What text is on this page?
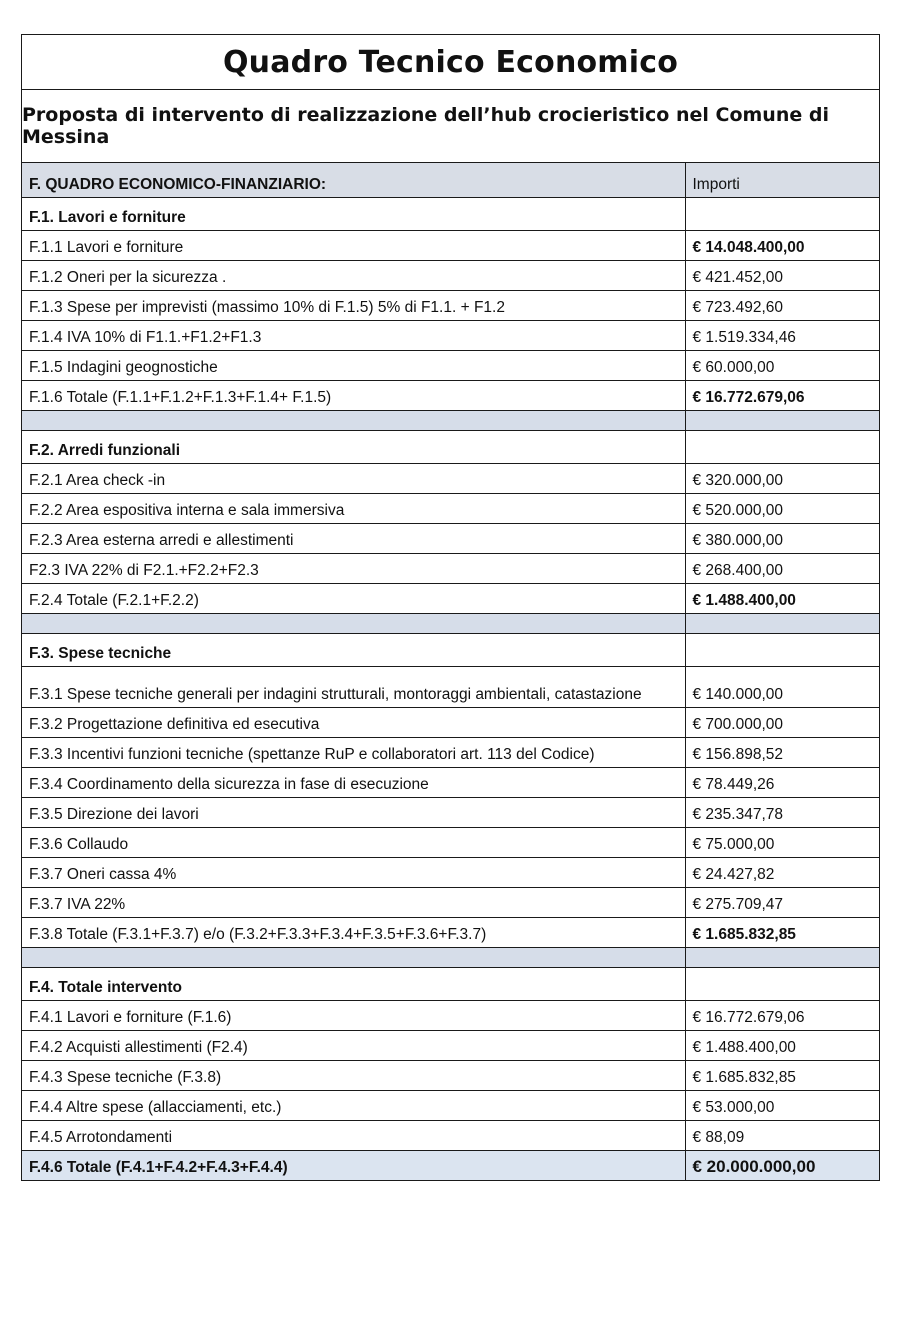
Quadro Tecnico Economico
Proposta di intervento di realizzazione dell’hub crocieristico nel Comune di Messina
F. QUADRO ECONOMICO-FINANZIARIO:	Importi
F.1. Lavori e forniture	
F.1.1 Lavori e forniture	€ 14.048.400,00
F.1.2 Oneri per la sicurezza .	€ 421.452,00
F.1.3 Spese per imprevisti (massimo 10% di F.1.5) 5% di F1.1. + F1.2	€ 723.492,60
F.1.4 IVA 10% di F1.1.+F1.2+F1.3	€ 1.519.334,46
F.1.5 Indagini geognostiche	€ 60.000,00
F.1.6 Totale (F.1.1+F.1.2+F.1.3+F.1.4+ F.1.5)	€ 16.772.679,06

F.2. Arredi funzionali	
F.2.1 Area check -in	€ 320.000,00
F.2.2 Area espositiva interna e sala immersiva	€ 520.000,00
F.2.3 Area esterna arredi e allestimenti	€ 380.000,00
F2.3 IVA 22% di F2.1.+F2.2+F2.3	€ 268.400,00
F.2.4 Totale (F.2.1+F.2.2)	€ 1.488.400,00

F.3. Spese tecniche	
F.3.1 Spese tecniche generali per indagini strutturali, montoraggi ambientali, catastazione	€ 140.000,00
F.3.2 Progettazione definitiva ed esecutiva	€ 700.000,00
F.3.3 Incentivi funzioni tecniche (spettanze RuP e collaboratori art. 113 del Codice)	€ 156.898,52
F.3.4 Coordinamento della sicurezza in fase di esecuzione	€ 78.449,26
F.3.5 Direzione dei lavori	€ 235.347,78
F.3.6 Collaudo	€ 75.000,00
F.3.7 Oneri cassa 4%	€ 24.427,82
F.3.7 IVA 22%	€ 275.709,47
F.3.8 Totale (F.3.1+F.3.7) e/o (F.3.2+F.3.3+F.3.4+F.3.5+F.3.6+F.3.7)	€ 1.685.832,85

F.4. Totale intervento	
F.4.1 Lavori e forniture (F.1.6)	€ 16.772.679,06
F.4.2 Acquisti allestimenti (F2.4)	€ 1.488.400,00
F.4.3 Spese tecniche (F.3.8)	€ 1.685.832,85
F.4.4 Altre spese (allacciamenti, etc.)	€ 53.000,00
F.4.5 Arrotondamenti	€ 88,09
F.4.6 Totale (F.4.1+F.4.2+F.4.3+F.4.4)	€ 20.000.000,00
